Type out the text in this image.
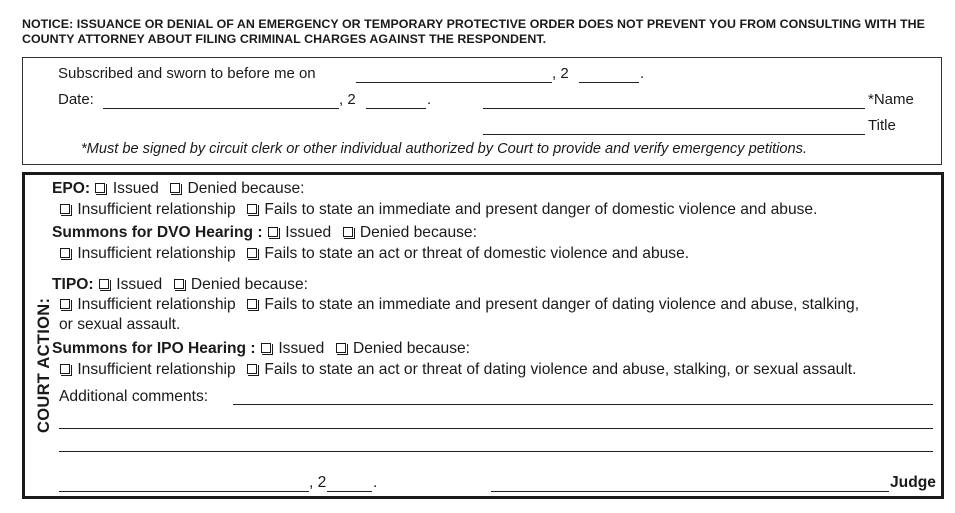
NOTICE: ISSUANCE OR DENIAL OF AN EMERGENCY OR TEMPORARY PROTECTIVE ORDER DOES NOT PREVENT YOU FROM CONSULTING WITH THE COUNTY ATTORNEY ABOUT FILING CRIMINAL CHARGES AGAINST THE RESPONDENT.
Subscribed and sworn to before me on	, 2	.
Date:	, 2	.	*Name
Title
*Must be signed by circuit clerk or other individual authorized by Court to provide and verify emergency petitions.
COURT ACTION:
EPO: Issued Denied because:
Insufficient relationship Fails to state an immediate and present danger of domestic violence and abuse.
Summons for DVO Hearing : Issued Denied because:
Insufficient relationship Fails to state an act or threat of domestic violence and abuse.
TIPO: Issued Denied because:
Insufficient relationship Fails to state an immediate and present danger of dating violence and abuse, stalking,
or sexual assault.
Summons for IPO Hearing : Issued Denied because:
Insufficient relationship Fails to state an act or threat of dating violence and abuse, stalking, or sexual assault.
Additional comments:
, 2	.	Judge
